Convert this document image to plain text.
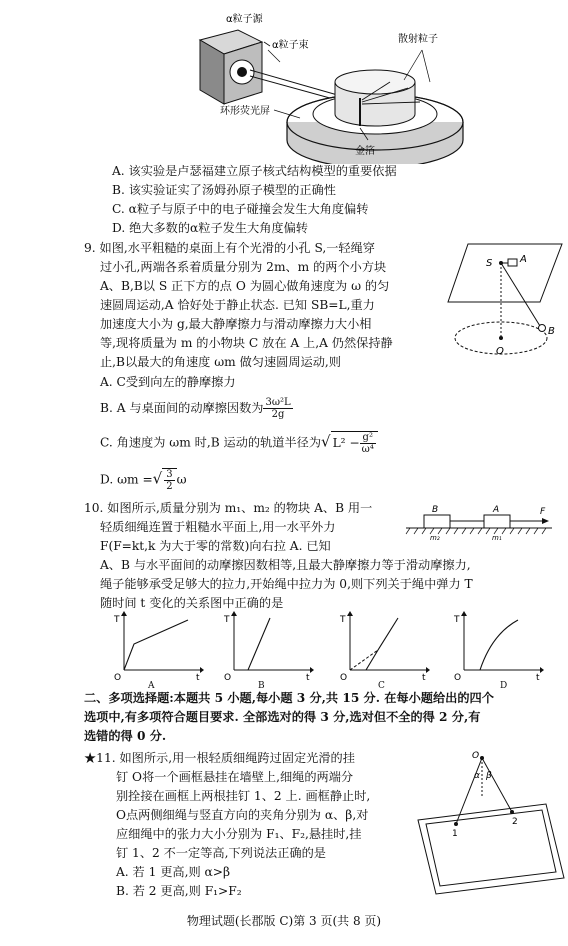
α粒子源
α粒子束
散射粒子
环形荧光屏
金箔
A. 该实验是卢瑟福建立原子核式结构模型的重要依据
B. 该实验证实了汤姆孙原子模型的正确性
C. α粒子与原子中的电子碰撞会发生大角度偏转
D. 绝大多数的α粒子发生大角度偏转
9. 如图,水平粗糙的桌面上有个光滑的小孔 S,一轻绳穿
过小孔,两端各系着质量分别为 2m、m 的两个小方块
A、B,B以 S 正下方的点 O 为圆心做角速度为 ω 的匀
速圆周运动,A 恰好处于静止状态. 已知 SB=L,重力
加速度大小为 g,最大静摩擦力与滑动摩擦力大小相
等,现将质量为 m 的小物块 C 放在 A 上,A 仍然保持静
止,B以最大的角速度 ωm 做匀速圆周运动,则
A. C受到向左的静摩擦力
B. A 与桌面间的动摩擦因数为 $\frac{\text{3ω²L}}{2g}$
C. 角速度为 ωm 时,B 运动的轨道半径为√ $L^2 - \frac{\text{g²}}{\text{ω⁴}}$
D. ωm =√ $\frac{3}{2}$ ω
S	A
O
B
10. 如图所示,质量分别为 m₁、m₂ 的物块 A、B 用一
轻质细绳连置于粗糙水平面上,用一水平外力
F(F=kt,k 为大于零的常数)向右拉 A. 已知
A、B 与水平面间的动摩擦因数相等,且最大静摩擦力等于滑动摩擦力,
绳子能够承受足够大的拉力,开始绳中拉力为 0,则下列关于绳中弹力 T
随时间 t 变化的关系图中正确的是
B	A	F
m₂	m₁
T
O	t
A
T
O	t
B
T
O	t
C
T
O	t
D
二、多项选择题:本题共 5 小题,每小题 3 分,共 15 分. 在每小题给出的四个
选项中,有多项符合题目要求. 全部选对的得 3 分,选对但不全的得 2 分,有
选错的得 0 分.
★11. 如图所示,用一根轻质细绳跨过固定光滑的挂
钉 O将一个画框悬挂在墙壁上,细绳的两端分
别拴接在画框上两根挂钉 1、2 上. 画框静止时,
O点两侧细绳与竖直方向的夹角分别为 α、β,对
应细绳中的张力大小分别为 F₁、F₂,悬挂时,挂
钉 1、2 不一定等高,下列说法正确的是
A. 若 1 更高,则 α>β
B. 若 2 更高,则 F₁>F₂
O
α β
1
2
物理试题(长郡版 C)第 3 页(共 8 页)
